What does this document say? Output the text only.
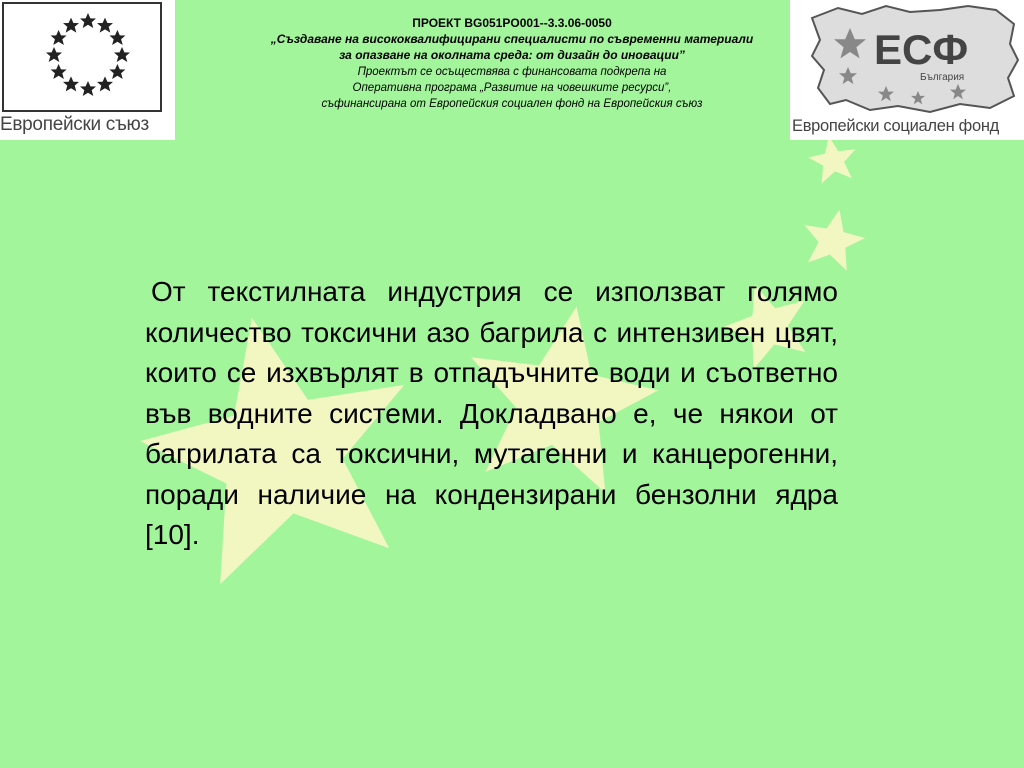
Европейски съюз
ЕСФ
България
Европейски социален фонд
ПРОЕКТ BG051PO001--3.3.06-0050
„Създаване на висококвалифицирани специалисти по съвременни материали
за опазване на околната среда: от дизайн до иновации”
Проектът се осъществява с финансовата подкрепа на
Оперативна програма „Развитие на човешките ресурси”,
съфинансирана от Европейския социален фонд на Европейския съюз

От текстилната индустрия се използват голямо количество токсични азо багрила с интензивен цвят, които се изхвърлят в отпадъчните води и съответно във водните системи. Докладвано е, че някои от багрилата са токсични, мутагенни и канцерогенни, поради наличие на кондензирани бензолни ядра [10].
